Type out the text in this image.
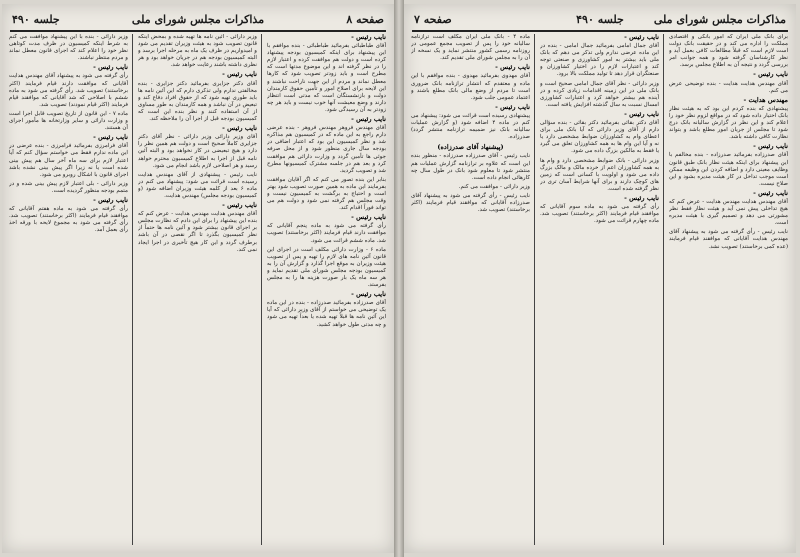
صفحه ۸
مذاکرات مجلس شورای ملی
جلسه ۴۹۰

نایب رئیس -

آقای طباطبائی بفرمائید طباطبائی - بنده موافقم با این پیشنهاد برای اینکه کمیسیون بودجه پیشنهاد کرده است و دولت هم موافقت کرده و اعتبار لازم را در نظر گرفته اند و این موضوع مدتها است که مطرح است و باید زودتر تصویب شود که کارها معطل نماند و مردم از این جهت ناراحت نباشند و این لایحه برای اصلاح امور و تأمین حقوق کارمندان دولت و بازنشستگان است که مدتی است انتظار دارند و وضع معیشت آنها خوب نیست و باید هر چه زودتر به آن رسیدگی شود.

نایب رئیس -

آقای مهندس فروهر مهندس فروهر - بنده عرضی دارم راجع به این ماده که در کمیسیون هم مذاکره شد و نظر کمیسیون این بود که اعتبار اضافی در بودجه سال جاری منظور شود و از محل صرفه جوئی ها تأمین گردد و وزارت دارائی هم موافقت کرد و بعد هم در جلسه مشترک کمیسیونها مطرح شد و تصویب گردید.

بنابر این بنده تصور می کنم که اگر آقایان موافقت بفرمایند این ماده به همین صورت تصویب شود بهتر است و احتیاج به برگشت به کمیسیون نیست و وقت مجلس هم گرفته نمی شود و دولت هم می تواند فوراً اقدام کند.

نایب رئیس -

رأی گرفته می شود به ماده پنجم آقایانی که موافقت دارند قیام فرمایند (اکثر برخاستند) تصویب شد. ماده ششم قرائت می شود.

ماده ۶ - وزارت دارائی مکلف است در اجرای این قانون آئین نامه های لازم را تهیه و پس از تصویب هیئت وزیران به موقع اجرا گذارد و گزارش آن را به کمیسیون بودجه مجلس شورای ملی تقدیم نماید و هر سه ماه یک بار صورت هزینه ها را به مجلس بفرستد.

نایب رئیس -

آقای صدرزاده بفرمائید صدرزاده - بنده در این ماده یک توضیحی می خواستم از آقای وزیر دارائی که آیا این آئین نامه ها قبلاً تهیه شده یا بعداً تهیه می شود و چه مدتی طول خواهد کشید.

وزیر دارائی - آئین نامه ها تهیه شده و بمحض اینکه قانون تصویب شود به هیئت وزیران تقدیم می شود و امیدواریم در ظرف یک ماه به مرحله اجرا برسد و البته کمیسیون بودجه هم در جریان خواهد بود و هر نظری داشته باشند رعایت خواهد شد.

نایب رئیس -

آقای دکتر جزایری بفرمائید دکتر جزایری - بنده مخالفتی ندارم ولی تذکری دارم که این آئین نامه ها باید طوری تهیه شود که از حقوق افراد دفاع کند و تبعیض در آن نباشد و همه کارمندان به طور مساوی از آن استفاده کنند و نظر بنده این است که کمیسیون بودجه قبل از اجرا آن را ملاحظه کند.

نایب رئیس -

آقای وزیر دارائی وزیر دارائی - نظر آقای دکتر جزایری کاملاً صحیح است و دولت هم همین نظر را دارد و هیچ تبعیضی در کار نخواهد بود و البته آئین نامه قبل از اجرا به اطلاع کمیسیون محترم خواهد رسید و هر اصلاحی لازم باشد انجام می شود.

نایب رئیس - پیشنهادی از آقای مهندس هدایت رسیده است قرائت می شود: پیشنهاد می کنم در ماده ۶ بعد از کلمه هیئت وزیران اضافه شود (و کمیسیون بودجه مجلس) مهندس هدایت.

نایب رئیس -

آقای مهندس هدایت مهندس هدایت - عرض کنم که بنده این پیشنهاد را برای این دادم که نظارت مجلس بر اجرای قانون بیشتر شود و آئین نامه ها حتماً از نظر کمیسیون بگذرد تا اگر نقصی در آن باشد برطرف گردد و این کار هیچ تأخیری در اجرا ایجاد نمی کند.

وزیر دارائی - بنده با این پیشنهاد موافقت می کنم به شرط اینکه کمیسیون در ظرف مدت کوتاهی نظر خود را اعلام کند که اجرای قانون معطل نماند و مردم منتظر نباشند.

نایب رئیس -

رأی گرفته می شود به پیشنهاد آقای مهندس هدایت آقایانی که موافقت دارند قیام فرمایند (اکثر برخاستند) تصویب شد. رأی گرفته می شود به ماده ششم با اصلاحی که شد آقایانی که موافقند قیام فرمایند (اکثر قیام نمودند) تصویب شد.

ماده ۷ - این قانون از تاریخ تصویب قابل اجرا است و وزارت دارائی و سایر وزارتخانه ها مأمور اجرای آن هستند.

نایب رئیس -

آقای فرامرزی بفرمائید فرامرزی - بنده عرضی در این ماده ندارم فقط می خواستم سؤال کنم که آیا اعتبار لازم برای سه ماه آخر سال هم پیش بینی شده است یا نه زیرا اگر پیش بینی نشده باشد اجرای قانون با اشکال روبرو می شود.

وزیر دارائی - بلی اعتبار لازم پیش بینی شده و در متمم بودجه منظور گردیده است.

نایب رئیس -

رأی گرفته می شود به ماده هفتم آقایانی که موافقند قیام فرمایند (اکثر برخاستند) تصویب شد. رأی گرفته می شود به مجموع لایحه با ورقه اخذ رأی بعمل آمد.

مذاکرات مجلس شورای ملی
جلسه ۴۹۰
صفحه ۷

برای بانک ملی ایران که امور بانکی و اقتصادی مملکت را اداره می کند و در حقیقت بانک دولت است لازم است که قبلاً مطالعات کافی بعمل آید و نظر کارشناسان گرفته شود و همه جوانب امر بررسی گردد و نتیجه آن به اطلاع مجلس برسد.

نایب رئیس -

آقای مهندس هدایت هدایت - بنده توضیحی عرض می کنم.

مهندس هدایت -

پیشنهادی که بنده کردم این بود که به هیئت نظار بانک اختیار داده شود که در مواقع لزوم نظر خود را اعلام کند و این نظر در گزارش سالیانه بانک درج شود تا مجلس از جریان امور مطلع باشد و بتواند نظارت کافی داشته باشد.

نایب رئیس -

آقای صدرزاده بفرمائید صدرزاده - بنده مخالفم با این پیشنهاد برای اینکه هیئت نظار بانک طبق قانون وظایف معینی دارد و اضافه کردن این وظیفه ممکن است موجب تداخل در کار هیئت مدیره بشود و این صلاح نیست.

نایب رئیس -

آقای مهندس هدایت مهندس هدایت - عرض کنم که هیچ تداخلی پیش نمی آید و هیئت نظار فقط نظر مشورتی می دهد و تصمیم گیری با هیئت مدیره است.

نایب رئیس - رأی گرفته می شود به پیشنهاد آقای مهندس هدایت آقایانی که موافقند قیام فرمایند (عده کمی برخاستند) تصویب نشد.

نایب رئیس -

آقای جمال امامی بفرمائید جمال امامی - بنده در این ماده عرضی ندارم ولی تذکر می دهم که بانک ملی باید بیشتر به امور کشاورزی و صنعتی توجه کند و اعتبارات لازم را در اختیار کشاورزان و صنعتگران قرار دهد تا تولید مملکت بالا برود.

وزیر دارائی - نظر آقای جمال امامی صحیح است و بانک ملی در این زمینه اقدامات زیادی کرده و در آینده هم بیشتر خواهد کرد و اعتبارات کشاورزی امسال نسبت به سال گذشته افزایش یافته است.

نایب رئیس -

آقای دکتر بقائی بفرمائید دکتر بقائی - بنده سؤالی دارم از آقای وزیر دارائی که آیا بانک ملی برای اعطای وام به کشاورزان ضوابط مشخصی دارد یا نه و آیا این وام ها به همه کشاورزان تعلق می گیرد یا فقط به مالکین بزرگ داده می شود.

وزیر دارائی - بانک ضوابط مشخصی دارد و وام ها به همه کشاورزان اعم از خرده مالک و مالک بزرگ داده می شود و اولویت با کسانی است که زمین های کوچک دارند و برای آنها شرایط آسان تری در نظر گرفته شده است.

نایب رئیس -

رأی گرفته می شود به ماده سوم آقایانی که موافقند قیام فرمایند (اکثر برخاستند) تصویب شد. ماده چهارم قرائت می شود.

ماده ۴ - بانک ملی ایران مکلف است ترازنامه سالیانه خود را پس از تصویب مجمع عمومی در روزنامه رسمی کشور منتشر نماید و یک نسخه از آن را به مجلس شورای ملی تقدیم کند.

نایب رئیس -

آقای مهدوی بفرمائید مهدوی - بنده موافقم با این ماده و معتقدم که انتشار ترازنامه بانک ضروری است تا مردم از وضع مالی بانک مطلع باشند و اعتماد عمومی جلب شود.

نایب رئیس -

پیشنهادی رسیده است قرائت می شود: پیشنهاد می کنم در ماده ۴ اضافه شود (و گزارش عملیات سالیانه بانک نیز ضمیمه ترازنامه منتشر گردد) صدرزاده.

(پیشنهاد آقای صدرزاده)

نایب رئیس - آقای صدرزاده صدرزاده - منظور بنده این است که علاوه بر ترازنامه گزارش عملیات هم منتشر شود تا معلوم شود بانک در طول سال چه کارهائی انجام داده است.

وزیر دارائی - موافقت می کنم.

نایب رئیس - رأی گرفته می شود به پیشنهاد آقای صدرزاده آقایانی که موافقند قیام فرمایند (اکثر برخاستند) تصویب شد.
